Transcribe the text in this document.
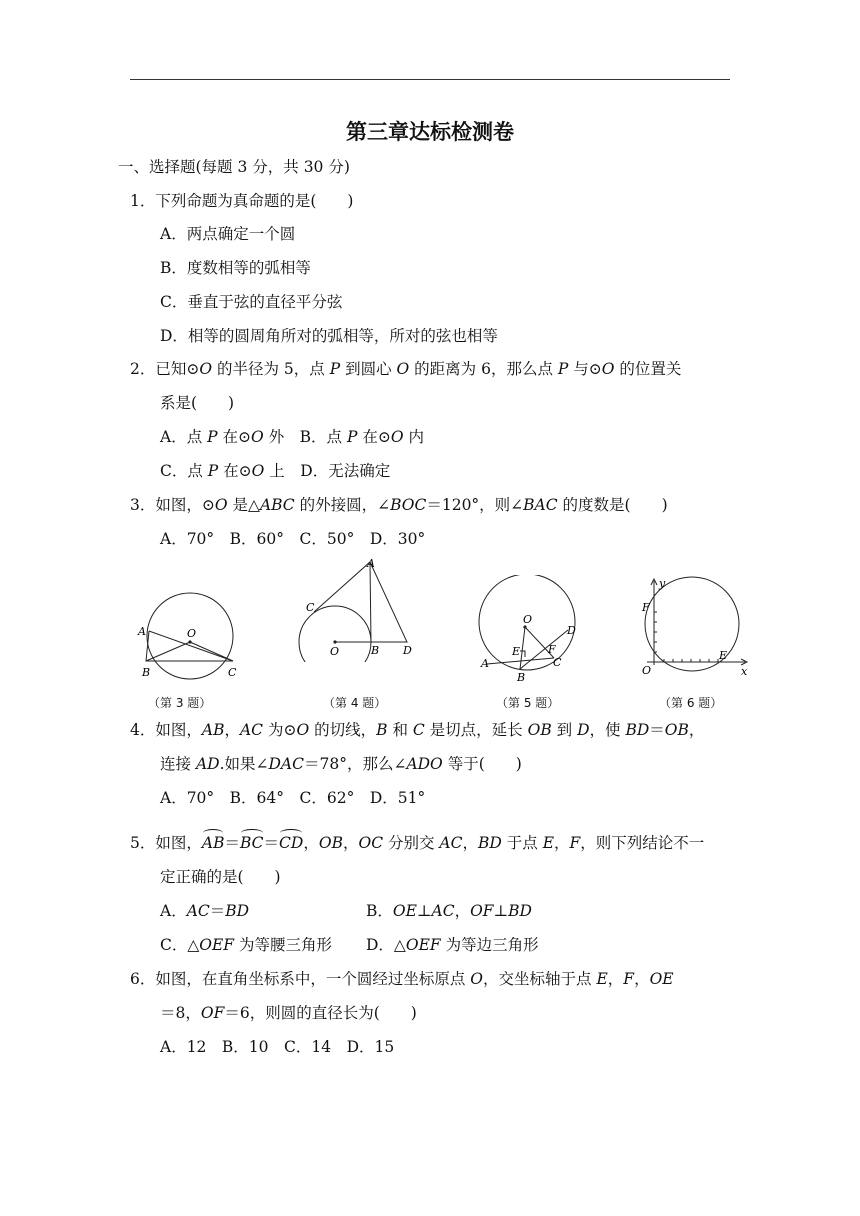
第三章达标检测卷
一、选择题(每题 3 分，共 30 分)
1．下列命题为真命题的是(　　)
A．两点确定一个圆
B．度数相等的弧相等
C．垂直于弦的直径平分弦
D．相等的圆周角所对的弧相等，所对的弦也相等
2．已知⊙O 的半径为 5，点 P 到圆心 O 的距离为 6，那么点 P 与⊙O 的位置关
系是(　　)
A．点 P 在⊙O 外　B．点 P 在⊙O 内
C．点 P 在⊙O 上　D．无法确定
3．如图，⊙O 是△ABC 的外接圆，∠BOC＝120°，则∠BAC 的度数是(　　)
A．70°　B．60°　C．50°　D．30°
A	O
B	C
A
C
O	B D
O
D
E	F
A
B
C
y
F
O
E
x
（第 3 题）	（第 4 题）	（第 5 题）	（第 6 题）
4．如图，AB，AC 为⊙O 的切线，B 和 C 是切点，延长 OB 到 D，使 BD＝OB，
连接 AD.如果∠DAC＝78°，那么∠ADO 等于(　　)
A．70°　B．64°　C．62°　D．51°
5．如图，AB＝BC＝CD，OB，OC 分别交 AC，BD 于点 E，F，则下列结论不一
定正确的是(　　)
A．AC＝BD	B．OE⊥AC，OF⊥BD
C．△OEF 为等腰三角形 D．△OEF 为等边三角形
6．如图，在直角坐标系中，一个圆经过坐标原点 O，交坐标轴于点 E，F，OE
＝8，OF＝6，则圆的直径长为(　　)
A．12　B．10　C．14　D．15
